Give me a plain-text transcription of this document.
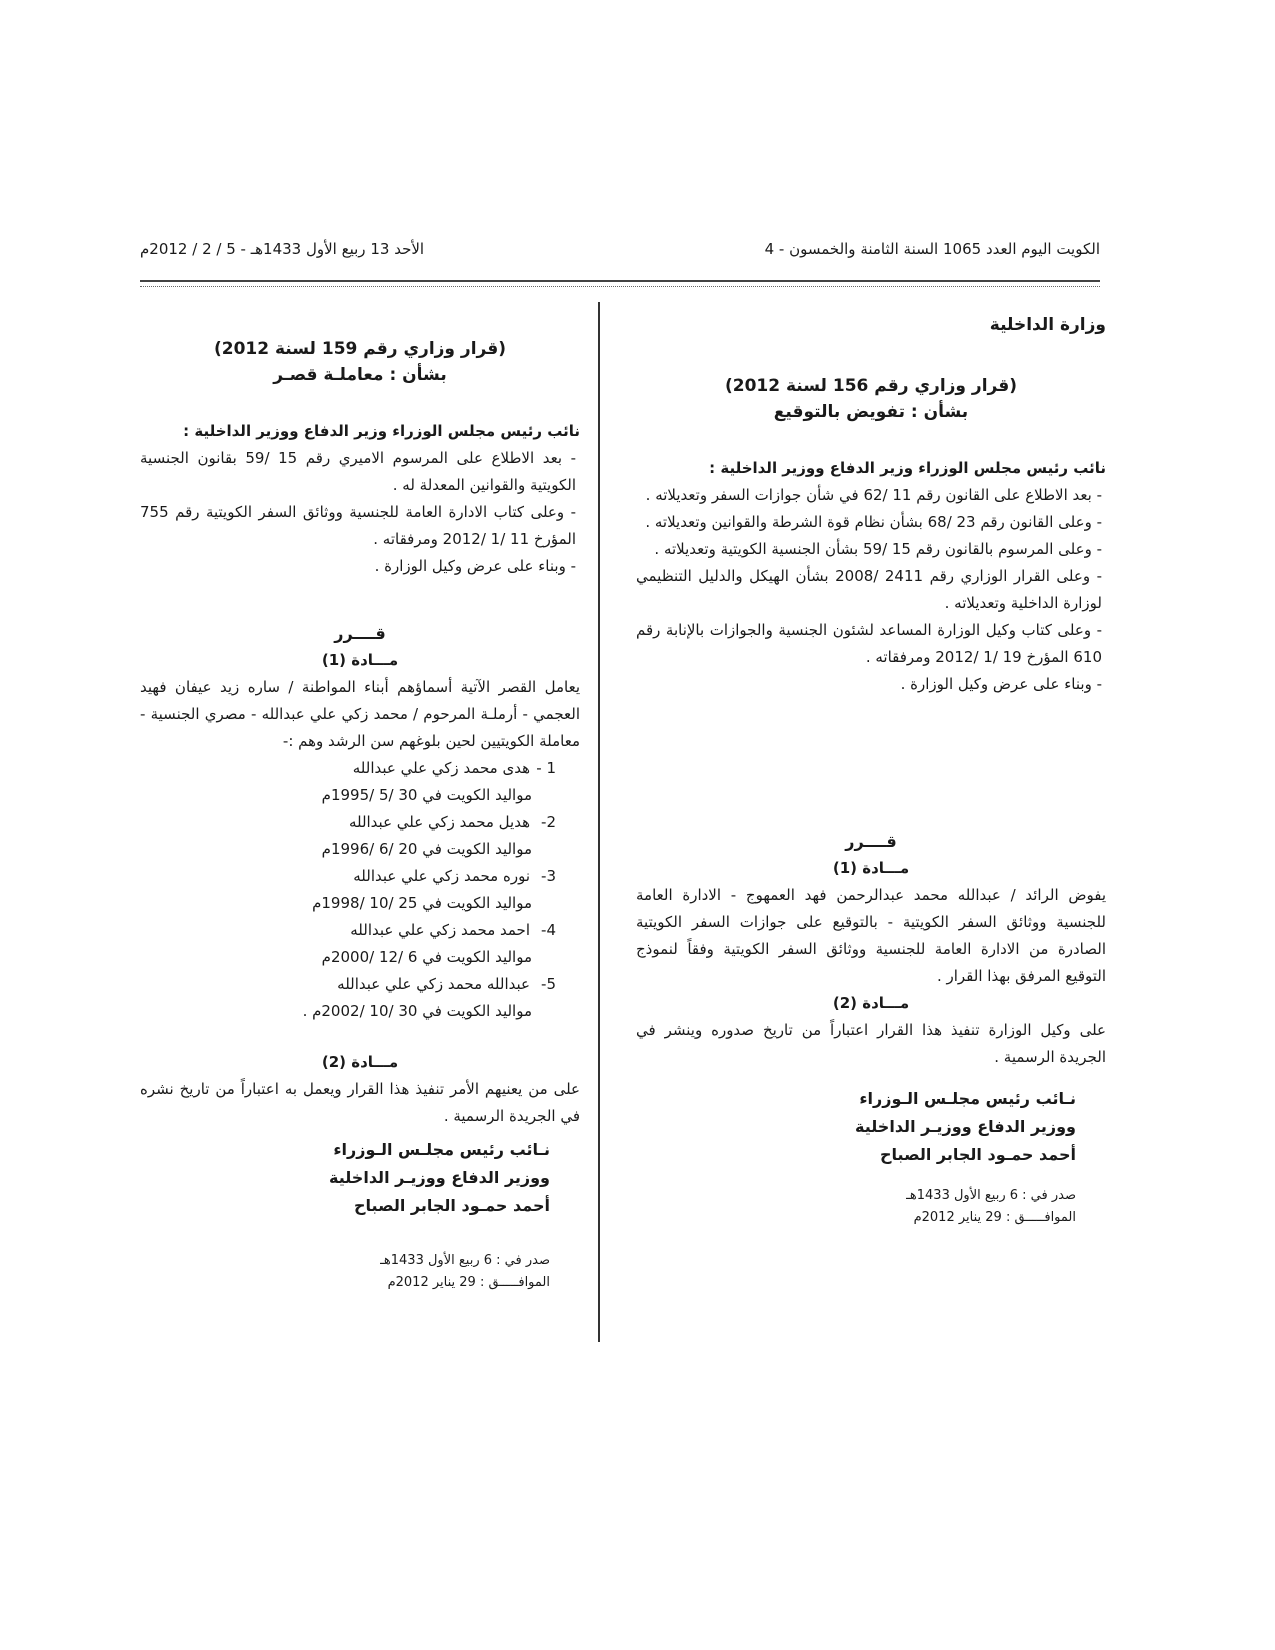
الكويت اليوم العدد 1065 السنة الثامنة والخمسون - 4
الأحد 13 ربيع الأول 1433هـ - 5 / 2 / 2012م

وزارة الداخلية

(قرار وزاري رقم 156 لسنة 2012)

بشأن : تفويض بالتوقيع

نائب رئيس مجلس الوزراء وزير الدفاع ووزير الداخلية :

- بعد الاطلاع على القانون رقم 11 /62 في شأن جوازات السفر وتعديلاته .

- وعلى القانون رقم 23 /68 بشأن نظام قوة الشرطة والقوانين وتعديلاته .

- وعلى المرسوم بالقانون رقم 15 /59 بشأن الجنسية الكويتية وتعديلاته .

- وعلى القرار الوزاري رقم 2411 /2008 بشأن الهيكل والدليل التنظيمي لوزارة الداخلية وتعديلاته .

- وعلى كتاب وكيل الوزارة المساعد لشئون الجنسية والجوازات بالإنابة رقم 610 المؤرخ 19 /1 /2012 ومرفقاته .

- وبناء على عرض وكيل الوزارة .

قــــرر

مـــادة (1)

يفوض الرائد / عبدالله محمد عبدالرحمن فهد العمهوج - الادارة العامة للجنسية ووثائق السفر الكويتية - بالتوقيع على جوازات السفر الكويتية الصادرة من الادارة العامة للجنسية ووثائق السفر الكويتية وفقاً لنموذج التوقيع المرفق بهذا القرار .

مـــادة (2)

على وكيل الوزارة تنفيذ هذا القرار اعتباراً من تاريخ صدوره وينشر في الجريدة الرسمية .

نـائب رئيس مجلـس الـوزراء

ووزير الدفاع ووزيـر الداخلية

أحمد حمـود الجابر الصباح

صدر في : 6 ربيع الأول 1433هـ

الموافـــــق : 29 يناير 2012م

(قرار وزاري رقم 159 لسنة 2012)

بشأن : معاملـة قصـر

نائب رئيس مجلس الوزراء وزير الدفاع ووزير الداخلية :

- بعد الاطلاع على المرسوم الاميري رقم 15 /59 بقانون الجنسية الكويتية والقوانين المعدلة له .

- وعلى كتاب الادارة العامة للجنسية ووثائق السفر الكويتية رقم 755 المؤرخ 11 /1 /2012 ومرفقاته .

- وبناء على عرض وكيل الوزارة .

قــــرر

مـــادة (1)

يعامل القصر الآتية أسماؤهم أبناء المواطنة / ساره زيد عيفان فهيد العجمي - أرملـة المرحوم / محمد زكي علي عبدالله - مصري الجنسية - معاملة الكويتيين لحين بلوغهم سن الرشد وهم :-

1 -هدى محمد زكي علي عبدالله

مواليد الكويت في 30 /5 /1995م

2-هديل محمد زكي علي عبدالله

مواليد الكويت في 20 /6 /1996م

3-نوره محمد زكي علي عبدالله

مواليد الكويت في 25 /10 /1998م

4-احمد محمد زكي علي عبدالله

مواليد الكويت في 6 /12 /2000م

5-عبدالله محمد زكي علي عبدالله

مواليد الكويت في 30 /10 /2002م .

مـــادة (2)

على من يعنيهم الأمر تنفيذ هذا القرار ويعمل به اعتباراً من تاريخ نشره في الجريدة الرسمية .

نـائب رئيس مجلـس الـوزراء

ووزير الدفاع ووزيـر الداخلية

أحمد حمـود الجابر الصباح

صدر في : 6 ربيع الأول 1433هـ

الموافـــــق : 29 يناير 2012م
